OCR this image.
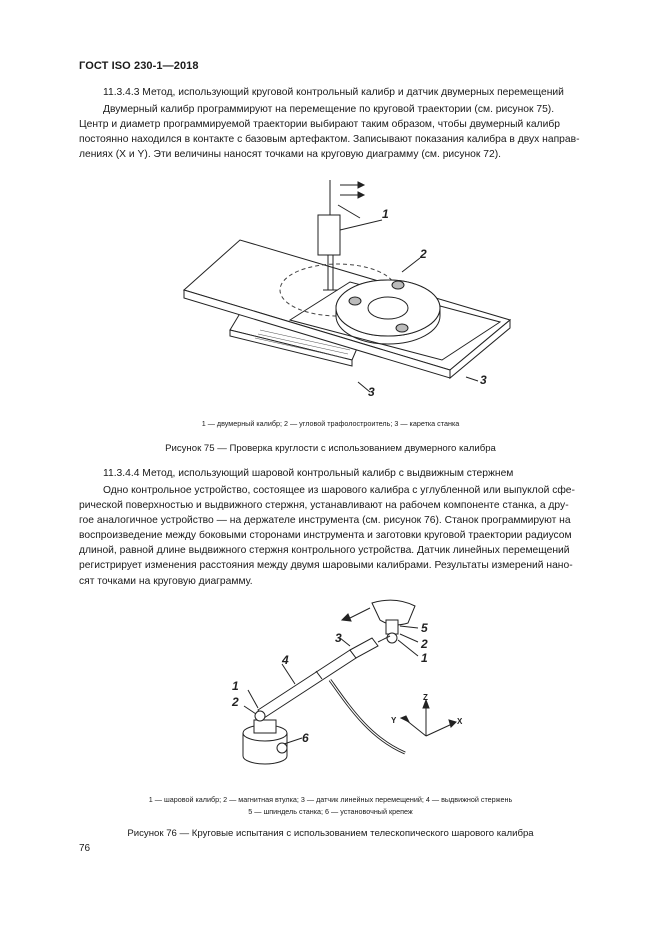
ГОСТ ISO 230-1—2018
11.3.4.3 Метод, использующий круговой контрольный калибр и датчик двумерных перемещений
Двумерный калибр программируют на перемещение по круговой траектории (см. рисунок 75).
Центр и диаметр программируемой траектории выбирают таким образом, чтобы двумерный калибр
постоянно находился в контакте с базовым артефактом. Записывают показания калибра в двух направ-
лениях (X и Y). Эти величины наносят точками на круговую диаграмму (см. рисунок 72).
1
2
3
3
1 — двумерный калибр; 2 — угловой трафолостроитель; 3 — каретка станка
Рисунок 75 — Проверка круглости с использованием двумерного калибра
11.3.4.4 Метод, использующий шаровой контрольный калибр с выдвижным стержнем
Одно контрольное устройство, состоящее из шарового калибра с углубленной или выпуклой сфе-
рической поверхностью и выдвижного стержня, устанавливают на рабочем компоненте станка, а дру-
гое аналогичное устройство — на держателе инструмента (см. рисунок 76). Станок программируют на
воспроизведение между боковыми сторонами инструмента и заготовки круговой траектории радиусом
длиной, равной длине выдвижного стержня контрольного устройства. Датчик линейных перемещений
регистрирует изменения расстояния между двумя шаровыми калибрами. Результаты измерений нано-
сят точками на круговую диаграмму.
5
2
1
3
4
1
2
6
Z
Y	X
1 — шаровой калибр; 2 — магнитная втулка; 3 — датчик линейных перемещений; 4 — выдвижной стержень
5 — шпиндель станка; 6 — установочный крепеж
Рисунок 76 — Круговые испытания с использованием телескопического шарового калибра
76
